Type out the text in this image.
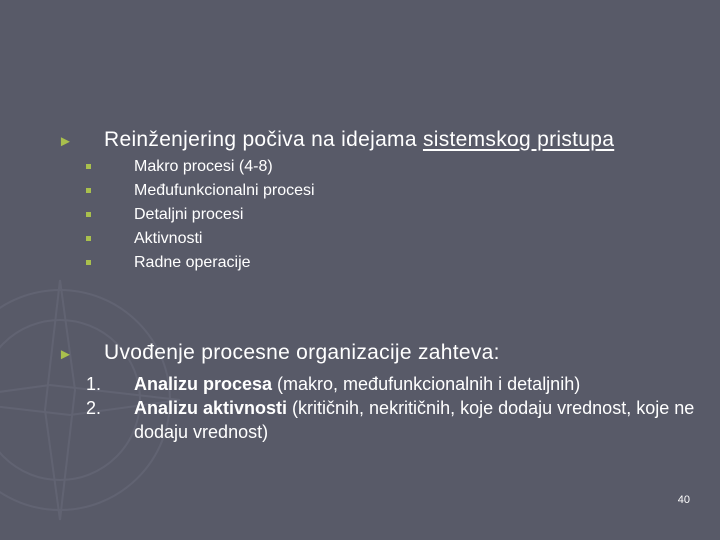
► Reinženjering počiva na idejama sistemskog pristupa
Makro procesi (4-8)
Međufunkcionalni procesi
Detaljni procesi
Aktivnosti
Radne operacije
► Uvođenje procesne organizacije zahteva:
1. Analizu procesa (makro, međufunkcionalnih i detaljnih)
2. Analizu aktivnosti (kritičnih, nekritičnih, koje dodaju vrednost, koje ne dodaju vrednost)
40
